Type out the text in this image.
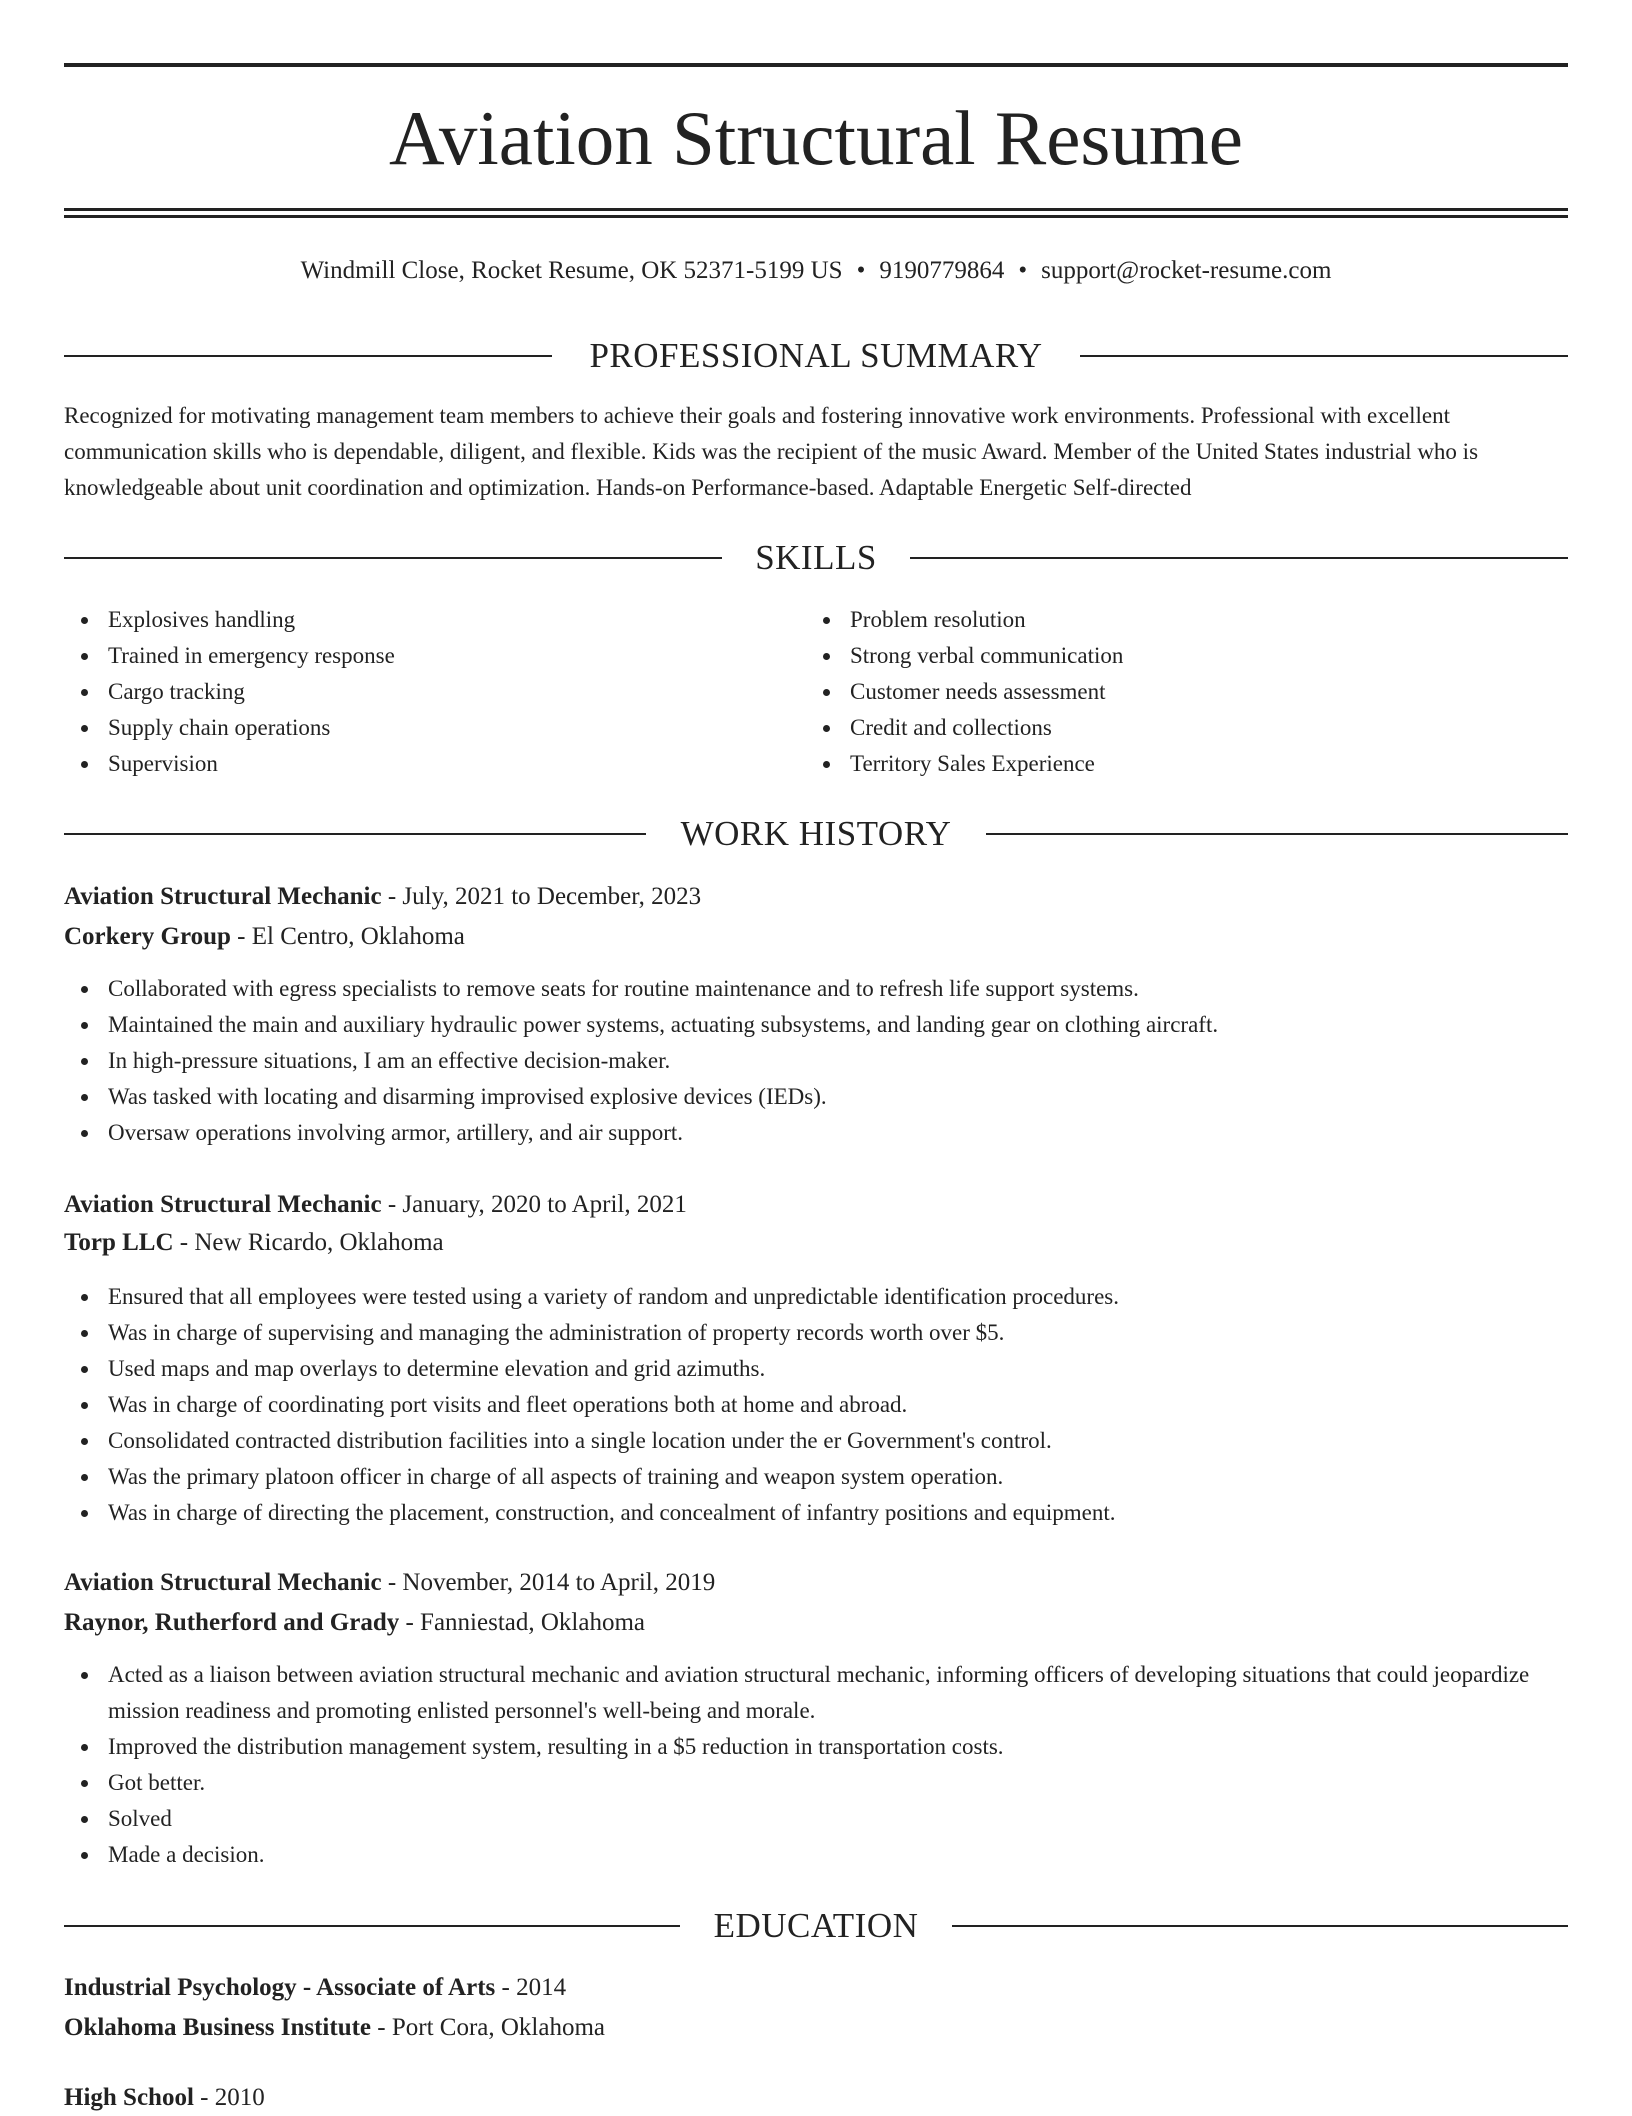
Aviation Structural Resume
Windmill Close, Rocket Resume, OK 52371-5199 US • 9190779864 • support@rocket-resume.com
PROFESSIONAL SUMMARY

Recognized for motivating management team members to achieve their goals and fostering innovative work environments. Professional with excellent communication skills who is dependable, diligent, and flexible. Kids was the recipient of the music Award. Member of the United States industrial who is knowledgeable about unit coordination and optimization. Hands-on Performance-based. Adaptable Energetic Self-directed

SKILLS
Explosives handling
Trained in emergency response
Cargo tracking
Supply chain operations
Supervision
Problem resolution
Strong verbal communication
Customer needs assessment
Credit and collections
Territory Sales Experience
WORK HISTORY
Aviation Structural Mechanic - July, 2021 to December, 2023
Corkery Group - El Centro, Oklahoma
Collaborated with egress specialists to remove seats for routine maintenance and to refresh life support systems.
Maintained the main and auxiliary hydraulic power systems, actuating subsystems, and landing gear on clothing aircraft.
In high-pressure situations, I am an effective decision-maker.
Was tasked with locating and disarming improvised explosive devices (IEDs).
Oversaw operations involving armor, artillery, and air support.
Aviation Structural Mechanic - January, 2020 to April, 2021
Torp LLC - New Ricardo, Oklahoma
Ensured that all employees were tested using a variety of random and unpredictable identification procedures.
Was in charge of supervising and managing the administration of property records worth over $5.
Used maps and map overlays to determine elevation and grid azimuths.
Was in charge of coordinating port visits and fleet operations both at home and abroad.
Consolidated contracted distribution facilities into a single location under the er Government's control.
Was the primary platoon officer in charge of all aspects of training and weapon system operation.
Was in charge of directing the placement, construction, and concealment of infantry positions and equipment.
Aviation Structural Mechanic - November, 2014 to April, 2019
Raynor, Rutherford and Grady - Fanniestad, Oklahoma
Acted as a liaison between aviation structural mechanic and aviation structural mechanic, informing officers of developing situations that could jeopardize mission readiness and promoting enlisted personnel's well-being and morale.
Improved the distribution management system, resulting in a $5 reduction in transportation costs.
Got better.
Solved
Made a decision.
EDUCATION
Industrial Psychology - Associate of Arts - 2014
Oklahoma Business Institute - Port Cora, Oklahoma
High School - 2010
